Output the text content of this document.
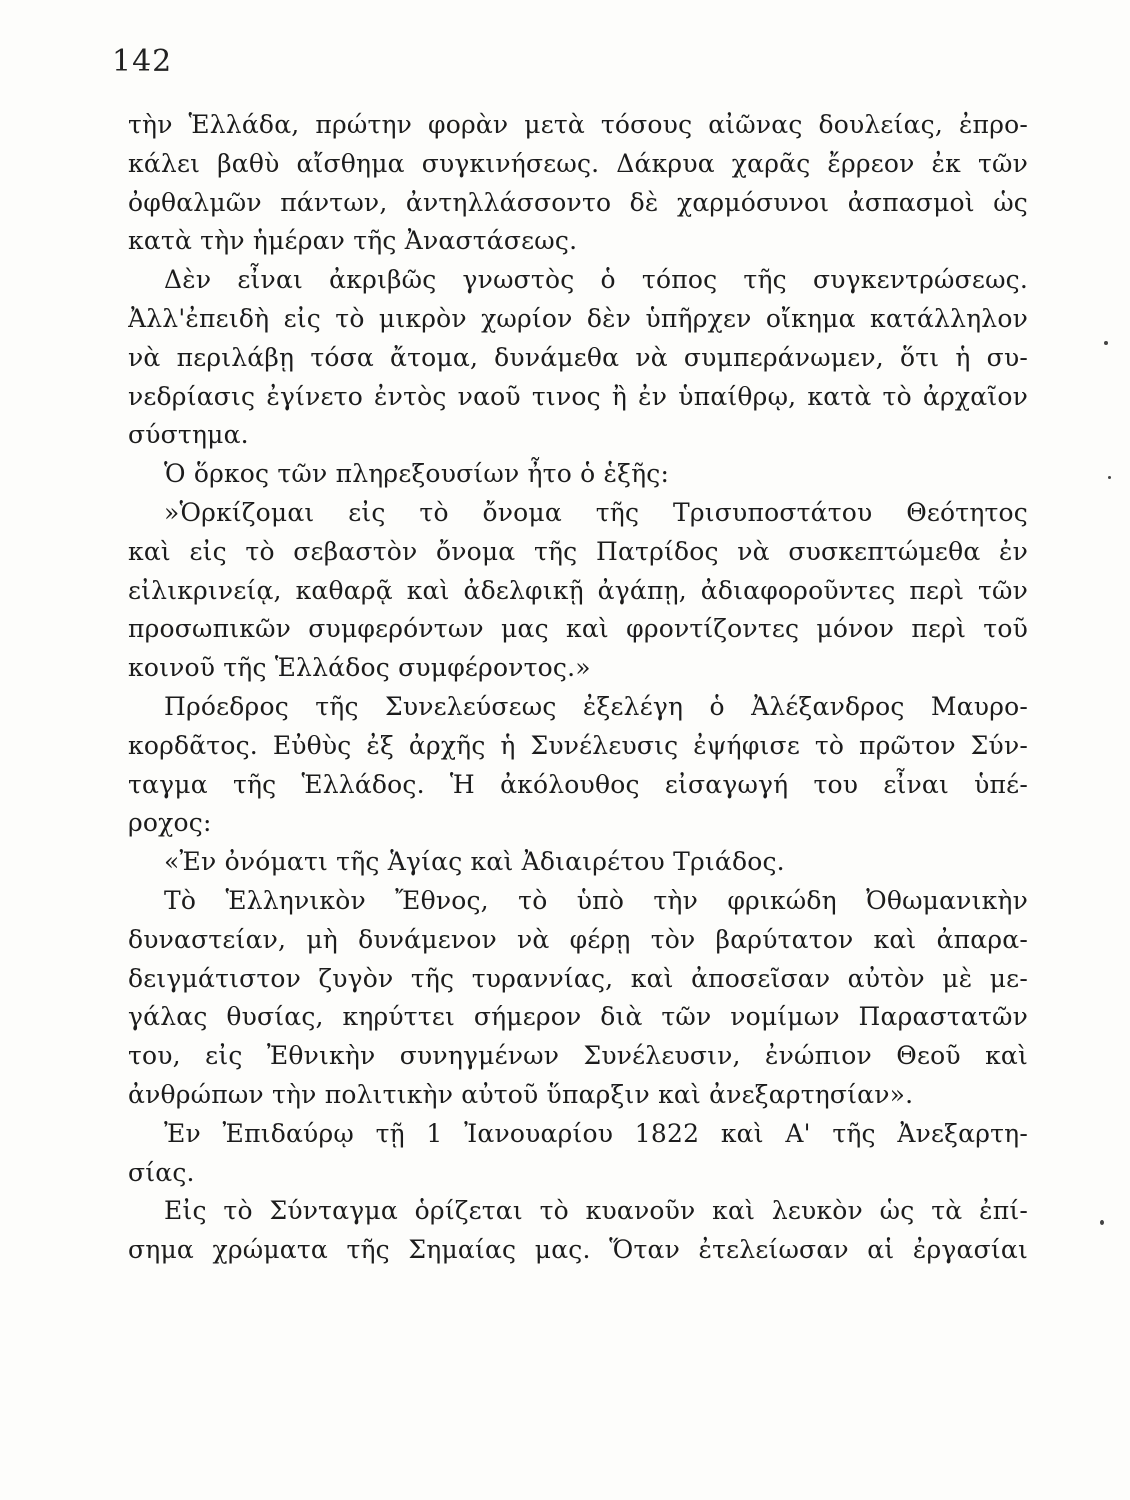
142
τὴν Ἑλλάδα, πρώτην φορὰν μετὰ τόσους αἰῶνας δουλείας, ἐπρο-
κάλει βαθὺ αἴσθημα συγκινήσεως. Δάκρυα χαρᾶς ἔρρεον ἐκ τῶν
ὀφθαλμῶν πάντων, ἀντηλλάσσοντο δὲ χαρμόσυνοι ἀσπασμοὶ ὡς
κατὰ τὴν ἡμέραν τῆς Ἀναστάσεως.
Δὲν εἶναι ἀκριβῶς γνωστὸς ὁ τόπος τῆς συγκεντρώσεως.
Ἀλλ'ἐπειδὴ εἰς τὸ μικρὸν χωρίον δὲν ὑπῆρχεν οἴκημα κατάλληλον
νὰ περιλάβῃ τόσα ἄτομα, δυνάμεθα νὰ συμπεράνωμεν, ὅτι ἡ συ-
νεδρίασις ἐγίνετο ἐντὸς ναοῦ τινος ἢ ἐν ὑπαίθρῳ, κατὰ τὸ ἀρχαῖον
σύστημα.
Ὁ ὅρκος τῶν πληρεξουσίων ἦτο ὁ ἑξῆς:
»Ὁρκίζομαι εἰς τὸ ὄνομα τῆς Τρισυποστάτου Θεότητος
καὶ εἰς τὸ σεβαστὸν ὄνομα τῆς Πατρίδος νὰ συσκεπτώμεθα ἐν
εἰλικρινείᾳ, καθαρᾷ καὶ ἀδελφικῇ ἀγάπῃ, ἀδιαφοροῦντες περὶ τῶν
προσωπικῶν συμφερόντων μας καὶ φροντίζοντες μόνον περὶ τοῦ
κοινοῦ τῆς Ἑλλάδος συμφέροντος.»
Πρόεδρος τῆς Συνελεύσεως ἐξελέγη ὁ Ἀλέξανδρος Μαυρο-
κορδᾶτος. Εὐθὺς ἐξ ἀρχῆς ἡ Συνέλευσις ἐψήφισε τὸ πρῶτον Σύν-
ταγμα τῆς Ἑλλάδος. Ἡ ἀκόλουθος εἰσαγωγή του εἶναι ὑπέ-
ροχος:
«Ἐν ὀνόματι τῆς Ἁγίας καὶ Ἀδιαιρέτου Τριάδος.
Τὸ Ἑλληνικὸν Ἔθνος, τὸ ὑπὸ τὴν φρικώδη Ὀθωμανικὴν
δυναστείαν, μὴ δυνάμενον νὰ φέρῃ τὸν βαρύτατον καὶ ἀπαρα-
δειγμάτιστον ζυγὸν τῆς τυραννίας, καὶ ἀποσεῖσαν αὐτὸν μὲ με-
γάλας θυσίας, κηρύττει σήμερον διὰ τῶν νομίμων Παραστατῶν
του, εἰς Ἐθνικὴν συνηγμένων Συνέλευσιν, ἐνώπιον Θεοῦ καὶ
ἀνθρώπων τὴν πολιτικὴν αὐτοῦ ὕπαρξιν καὶ ἀνεξαρτησίαν».
Ἐν Ἐπιδαύρῳ τῇ 1 Ἰανουαρίου 1822 καὶ Α' τῆς Ἀνεξαρτη-
σίας.
Εἰς τὸ Σύνταγμα ὁρίζεται τὸ κυανοῦν καὶ λευκὸν ὡς τὰ ἐπί-
σημα χρώματα τῆς Σημαίας μας. Ὅταν ἐτελείωσαν αἱ ἐργασίαι
